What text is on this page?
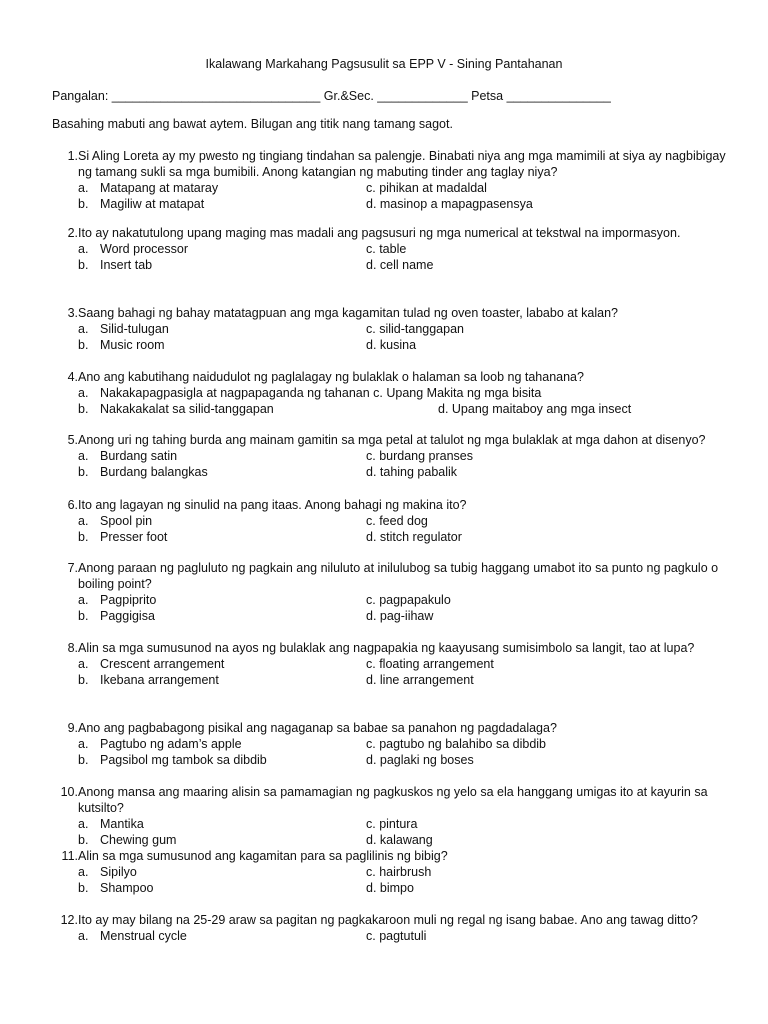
Ikalawang Markahang Pagsusulit sa EPP V - Sining Pantahanan
Pangalan: ______________________________ Gr.&Sec. _____________ Petsa _______________
Basahing mabuti ang bawat aytem. Bilugan ang titik nang tamang sagot.
1. Si Aling Loreta ay my pwesto ng tingiang tindahan sa palengje. Binabati niya ang mga mamimili at siya ay nagbibigay ng tamang sukli sa mga bumibili. Anong katangian ng mabuting tinder ang taglay niya?
a. Matapang at mataray	c. pihikan at madaldal
b. Magiliw at matapat	d. masinop a mapagpasensya
2. Ito ay nakatutulong upang maging mas madali ang pagsusuri ng mga numerical at tekstwal na impormasyon.
a. Word processor	c. table
b. Insert tab	d. cell name
3. Saang bahagi ng bahay matatagpuan ang mga kagamitan tulad ng oven toaster, lababo at kalan?
a. Silid-tulugan	c. silid-tanggapan
b. Music room	d. kusina
4. Ano ang kabutihang naidudulot ng paglalagay ng bulaklak o halaman sa loob ng tahanana?
a. Nakakapagpasigla at nagpapaganda ng tahanan c. Upang Makita ng mga bisita
b. Nakakakalat sa silid-tanggapan	d. Upang maitaboy ang mga insect
5. Anong uri ng tahing burda ang mainam gamitin sa mga petal at talulot ng mga bulaklak at mga dahon at disenyo?
a. Burdang satin	c. burdang pranses
b. Burdang balangkas	d. tahing pabalik
6. Ito ang lagayan ng sinulid na pang itaas. Anong bahagi ng makina ito?
a. Spool pin	c. feed dog
b. Presser foot	d. stitch regulator
7. Anong paraan ng pagluluto ng pagkain ang niluluto at inilulubog sa tubig haggang umabot ito sa punto ng pagkulo o boiling point?
a. Pagpiprito	c. pagpapakulo
b. Paggigisa	d. pag-iihaw
8. Alin sa mga sumusunod na ayos ng bulaklak ang nagpapakia ng kaayusang sumisimbolo sa langit, tao at lupa?
a. Crescent arrangement	c. floating arrangement
b. Ikebana arrangement	d. line arrangement
9. Ano ang pagbabagong pisikal ang nagaganap sa babae sa panahon ng pagdadalaga?
a. Pagtubo ng adam’s apple	c. pagtubo ng balahibo sa dibdib
b. Pagsibol mg tambok sa dibdib	d. paglaki ng boses
10. Anong mansa ang maaring alisin sa pamamagian ng pagkuskos ng yelo sa ela hanggang umigas ito at kayurin sa kutsilto?
a. Mantika	c. pintura
b. Chewing gum	d. kalawang
11. Alin sa mga sumusunod ang kagamitan para sa paglilinis ng bibig?
a. Sipilyo	c. hairbrush
b. Shampoo	d. bimpo
12. Ito ay may bilang na 25-29 araw sa pagitan ng pagkakaroon muli ng regal ng isang babae. Ano ang tawag ditto?
a. Menstrual cycle	c. pagtutuli
